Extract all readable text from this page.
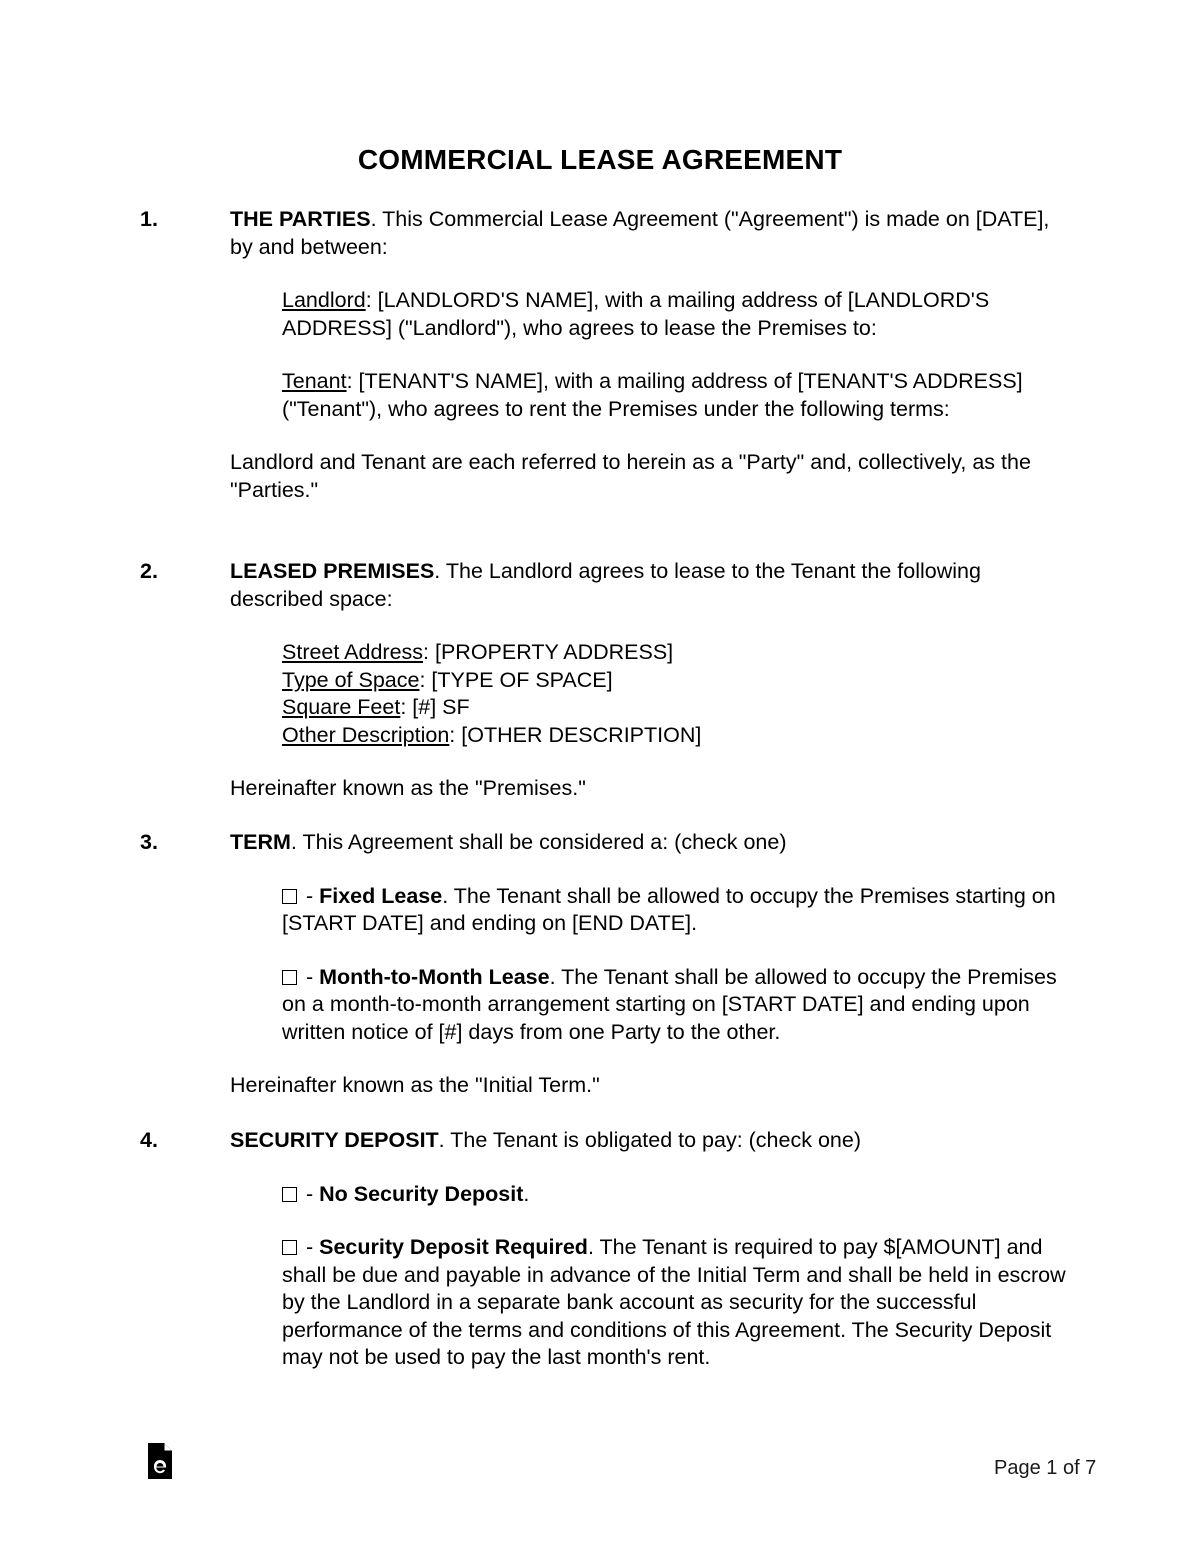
COMMERCIAL LEASE AGREEMENT
1.	THE PARTIES. This Commercial Lease Agreement ("Agreement") is made on [DATE], by and between:

Landlord: [LANDLORD'S NAME], with a mailing address of [LANDLORD'S ADDRESS] ("Landlord"), who agrees to lease the Premises to:

Tenant: [TENANT'S NAME], with a mailing address of [TENANT'S ADDRESS] ("Tenant"), who agrees to rent the Premises under the following terms:

Landlord and Tenant are each referred to herein as a "Party" and, collectively, as the "Parties."

2.	LEASED PREMISES. The Landlord agrees to lease to the Tenant the following described space:

Street Address: [PROPERTY ADDRESS]

Type of Space: [TYPE OF SPACE]

Square Feet: [#] SF

Other Description: [OTHER DESCRIPTION]

Hereinafter known as the "Premises."

3.	TERM. This Agreement shall be considered a: (check one)

- Fixed Lease. The Tenant shall be allowed to occupy the Premises starting on [START DATE] and ending on [END DATE].

- Month-to-Month Lease. The Tenant shall be allowed to occupy the Premises on a month-to-month arrangement starting on [START DATE] and ending upon written notice of [#] days from one Party to the other.

Hereinafter known as the "Initial Term."

4.	SECURITY DEPOSIT. The Tenant is obligated to pay: (check one)

- No Security Deposit.

- Security Deposit Required. The Tenant is required to pay $[AMOUNT] and shall be due and payable in advance of the Initial Term and shall be held in escrow by the Landlord in a separate bank account as security for the successful performance of the terms and conditions of this Agreement. The Security Deposit may not be used to pay the last month's rent.

Page 1 of 7
